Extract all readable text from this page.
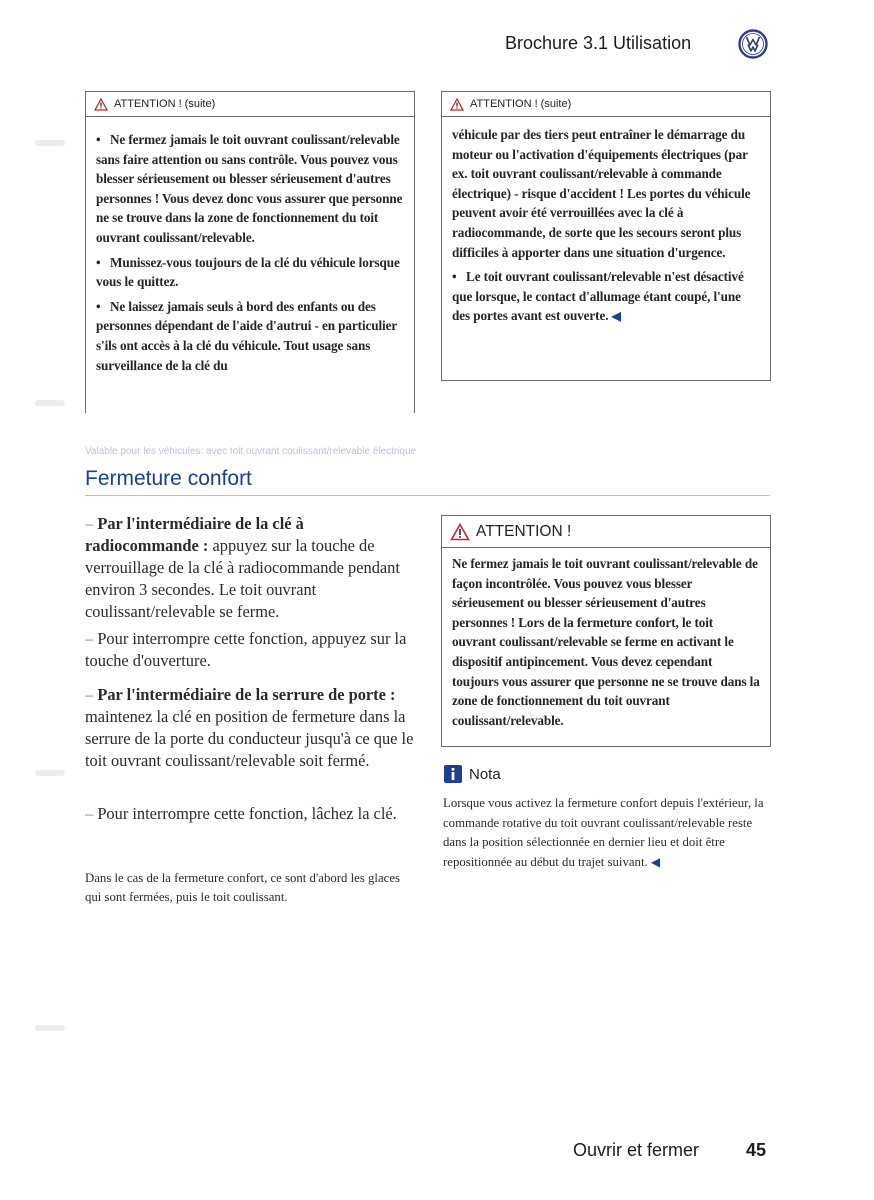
Brochure 3.1 Utilisation
ATTENTION ! (suite)

• Ne fermez jamais le toit ouvrant coulissant/relevable sans faire attention ou sans contrôle. Vous pouvez vous blesser sérieusement ou blesser sérieusement d'autres personnes ! Vous devez donc vous assurer que personne ne se trouve dans la zone de fonctionnement du toit ouvrant coulissant/relevable.

• Munissez-vous toujours de la clé du véhicule lorsque vous le quittez.

• Ne laissez jamais seuls à bord des enfants ou des personnes dépendant de l'aide d'autrui - en particulier s'ils ont accès à la clé du véhicule. Tout usage sans surveillance de la clé du

ATTENTION ! (suite)

véhicule par des tiers peut entraîner le démarrage du moteur ou l'activation d'équipements électriques (par ex. toit ouvrant coulissant/relevable à commande électrique) - risque d'accident ! Les portes du véhicule peuvent avoir été verrouillées avec la clé à radiocommande, de sorte que les secours seront plus difficiles à apporter dans une situation d'urgence.

• Le toit ouvrant coulissant/relevable n'est désactivé que lorsque, le contact d'allumage étant coupé, l'une des portes avant est ouverte. ◀

Valable pour les véhicules: avec toit ouvrant coulissant/relevable électrique
Fermeture confort

– Par l'intermédiaire de la clé à radiocommande : appuyez sur la touche de verrouillage de la clé à radiocommande pendant environ 3 secondes. Le toit ouvrant coulissant/relevable se ferme.

– Pour interrompre cette fonction, appuyez sur la touche d'ouverture.

– Par l'intermédiaire de la serrure de porte : maintenez la clé en position de fermeture dans la serrure de la porte du conducteur jusqu'à ce que le toit ouvrant coulissant/relevable soit fermé.

– Pour interrompre cette fonction, lâchez la clé.

Dans le cas de la fermeture confort, ce sont d'abord les glaces qui sont fermées, puis le toit coulissant.
ATTENTION !
Ne fermez jamais le toit ouvrant coulissant/relevable de façon incontrôlée. Vous pouvez vous blesser sérieusement ou blesser sérieusement d'autres personnes ! Lors de la fermeture confort, le toit ouvrant coulissant/relevable se ferme en activant le dispositif antipincement. Vous devez cependant toujours vous assurer que personne ne se trouve dans la zone de fonctionnement du toit ouvrant coulissant/relevable.
Nota
Lorsque vous activez la fermeture confort depuis l'extérieur, la commande rotative du toit ouvrant coulissant/relevable reste dans la position sélectionnée en dernier lieu et doit être repositionnée au début du trajet suivant. ◀
Ouvrir et fermer	45
